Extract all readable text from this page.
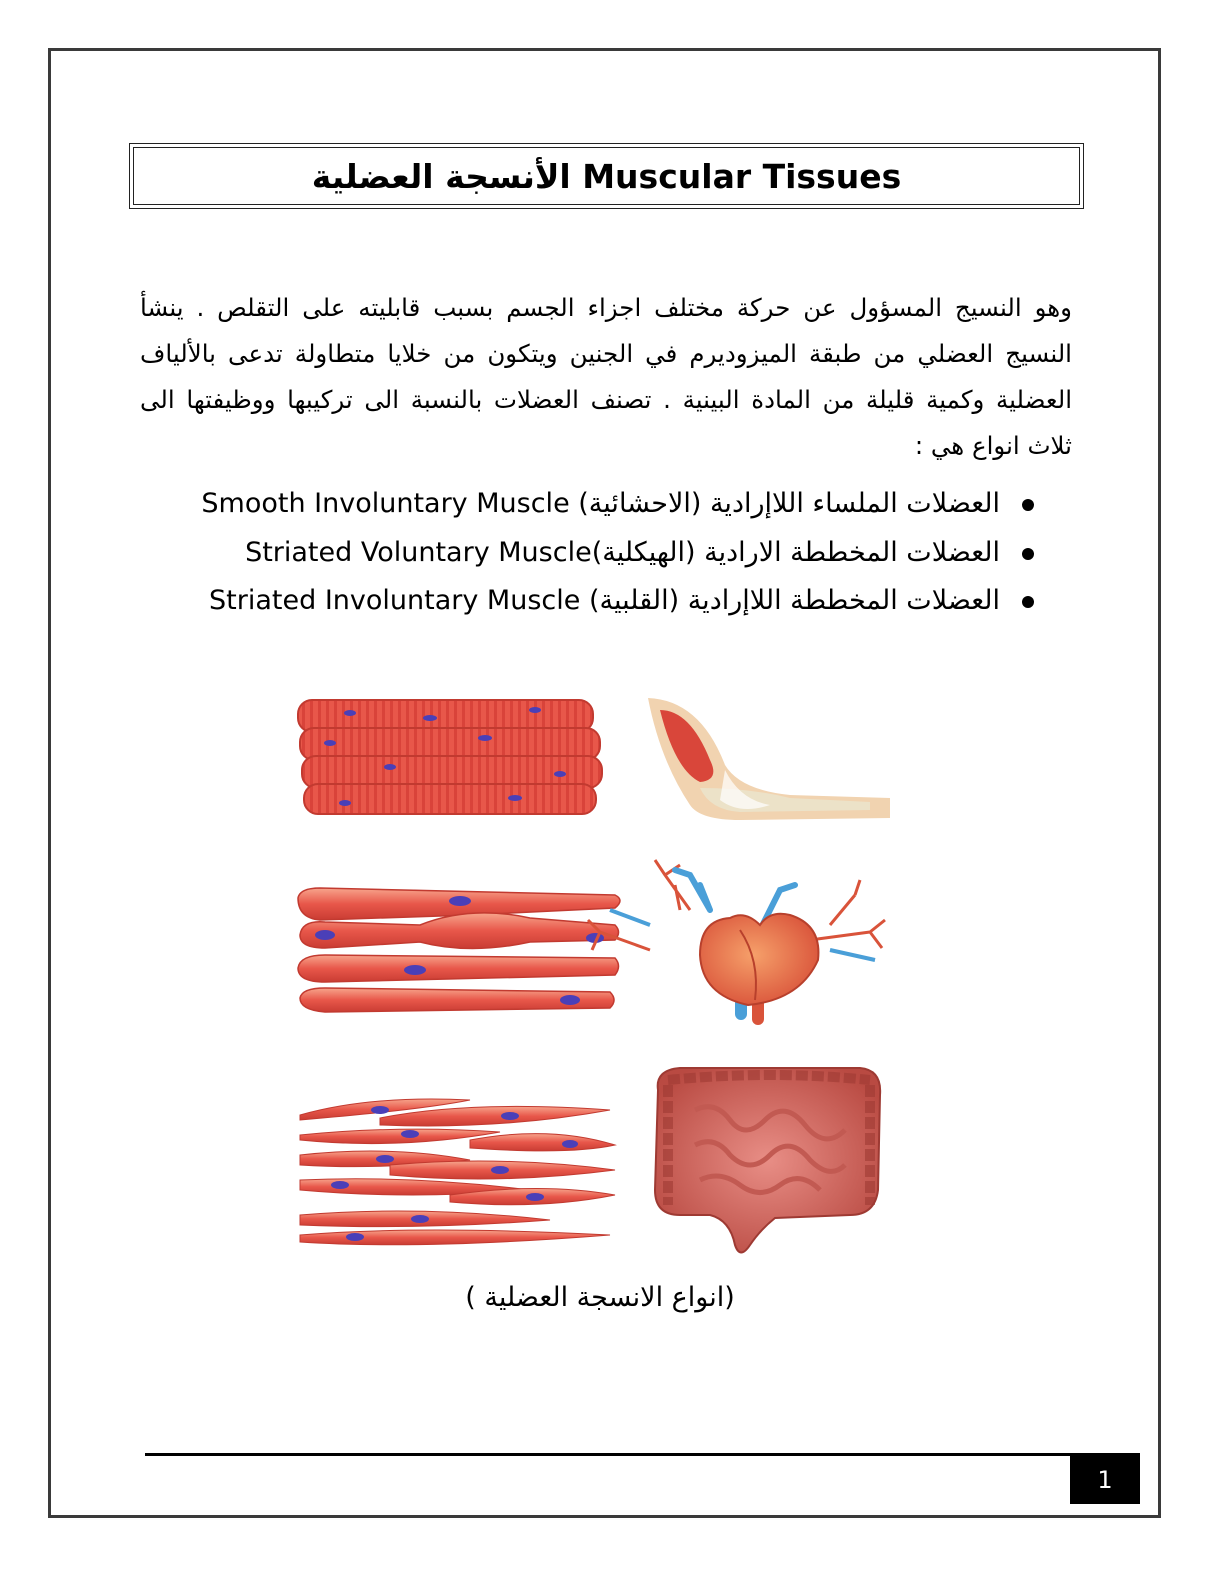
الأنسجة العضلية Muscular Tissues

وهو النسيج المسؤول عن حركة مختلف اجزاء الجسم بسبب قابليته على التقلص . ينشأ النسيج العضلي من طبقة الميزوديرم في الجنين ويتكون من خلايا متطاولة تدعى بالألياف العضلية وكمية قليلة من المادة البينية . تصنف العضلات بالنسبة الى تركيبها ووظيفتها الى ثلاث انواع هي :

العضلات الملساء اللاإرادية (الاحشائية) Smooth Involuntary Muscle
العضلات المخططة الارادية (الهيكلية)Striated Voluntary Muscle
العضلات المخططة اللاإرادية (القلبية) Striated Involuntary Muscle
(انواع الانسجة العضلية )
1
